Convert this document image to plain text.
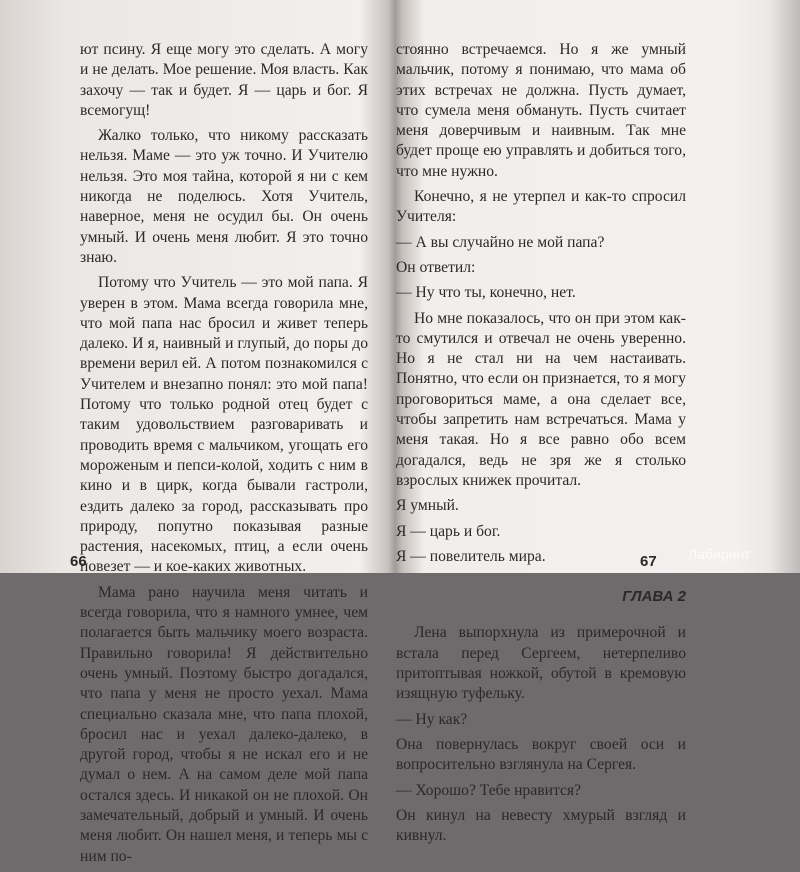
ют псину. Я еще могу это сделать. А могу и не делать. Мое решение. Моя власть. Как захочу — так и будет. Я — царь и бог. Я всемогущ!

Жалко только, что никому рассказать нельзя. Маме — это уж точно. И Учителю нельзя. Это моя тайна, которой я ни с кем никогда не поделюсь. Хотя Учитель, наверное, меня не осудил бы. Он очень умный. И очень меня любит. Я это точно знаю.

Потому что Учитель — это мой папа. Я уверен в этом. Мама всегда говорила мне, что мой папа нас бросил и живет теперь далеко. И я, наивный и глупый, до поры до времени верил ей. А потом познакомился с Учителем и внезапно понял: это мой папа! Потому что только родной отец будет с таким удовольствием разговаривать и проводить время с мальчиком, угощать его мороженым и пепси-колой, ходить с ним в кино и в цирк, когда бывали гастроли, ездить далеко за город, рассказывать про природу, попутно показывая разные растения, насекомых, птиц, а если очень повезет — и кое-каких животных.

Мама рано научила меня читать и всегда говорила, что я намного умнее, чем полагается быть мальчику моего возраста. Правильно говорила! Я действительно очень умный. Поэтому быстро догадался, что папа у меня не просто уехал. Мама специально сказала мне, что папа плохой, бросил нас и уехал далеко-далеко, в другой город, чтобы я не искал его и не думал о нем. А на самом деле мой папа остался здесь. И никакой он не плохой. Он замечательный, добрый и умный. И очень меня любит. Он нашел меня, и теперь мы с ним по-

стоянно встречаемся. Но я же умный мальчик, потому я понимаю, что мама об этих встречах не должна. Пусть думает, что сумела меня обмануть. Пусть считает меня доверчивым и наивным. Так мне будет проще ею управлять и добиться того, что мне нужно.

Конечно, я не утерпел и как-то спросил Учителя:

— А вы случайно не мой папа?

Он ответил:

— Ну что ты, конечно, нет.

Но мне показалось, что он при этом как-то смутился и отвечал не очень уверенно. Но я не стал ни на чем настаивать. Понятно, что если он признается, то я могу проговориться маме, а она сделает все, чтобы запретить нам встречаться. Мама у меня такая. Но я все равно обо всем догадался, ведь не зря же я столько взрослых книжек прочитал.

Я умный.

Я — царь и бог.

Я — повелитель мира.

ГЛАВА 2

Лена выпорхнула из примерочной и встала перед Сергеем, нетерпеливо притоптывая ножкой, обутой в кремовую изящную туфельку.

— Ну как?

Она повернулась вокруг своей оси и вопросительно взглянула на Сергея.

— Хорошо? Тебе нравится?

Он кинул на невесту хмурый взгляд и кивнул.

66	67 Лабиринт
